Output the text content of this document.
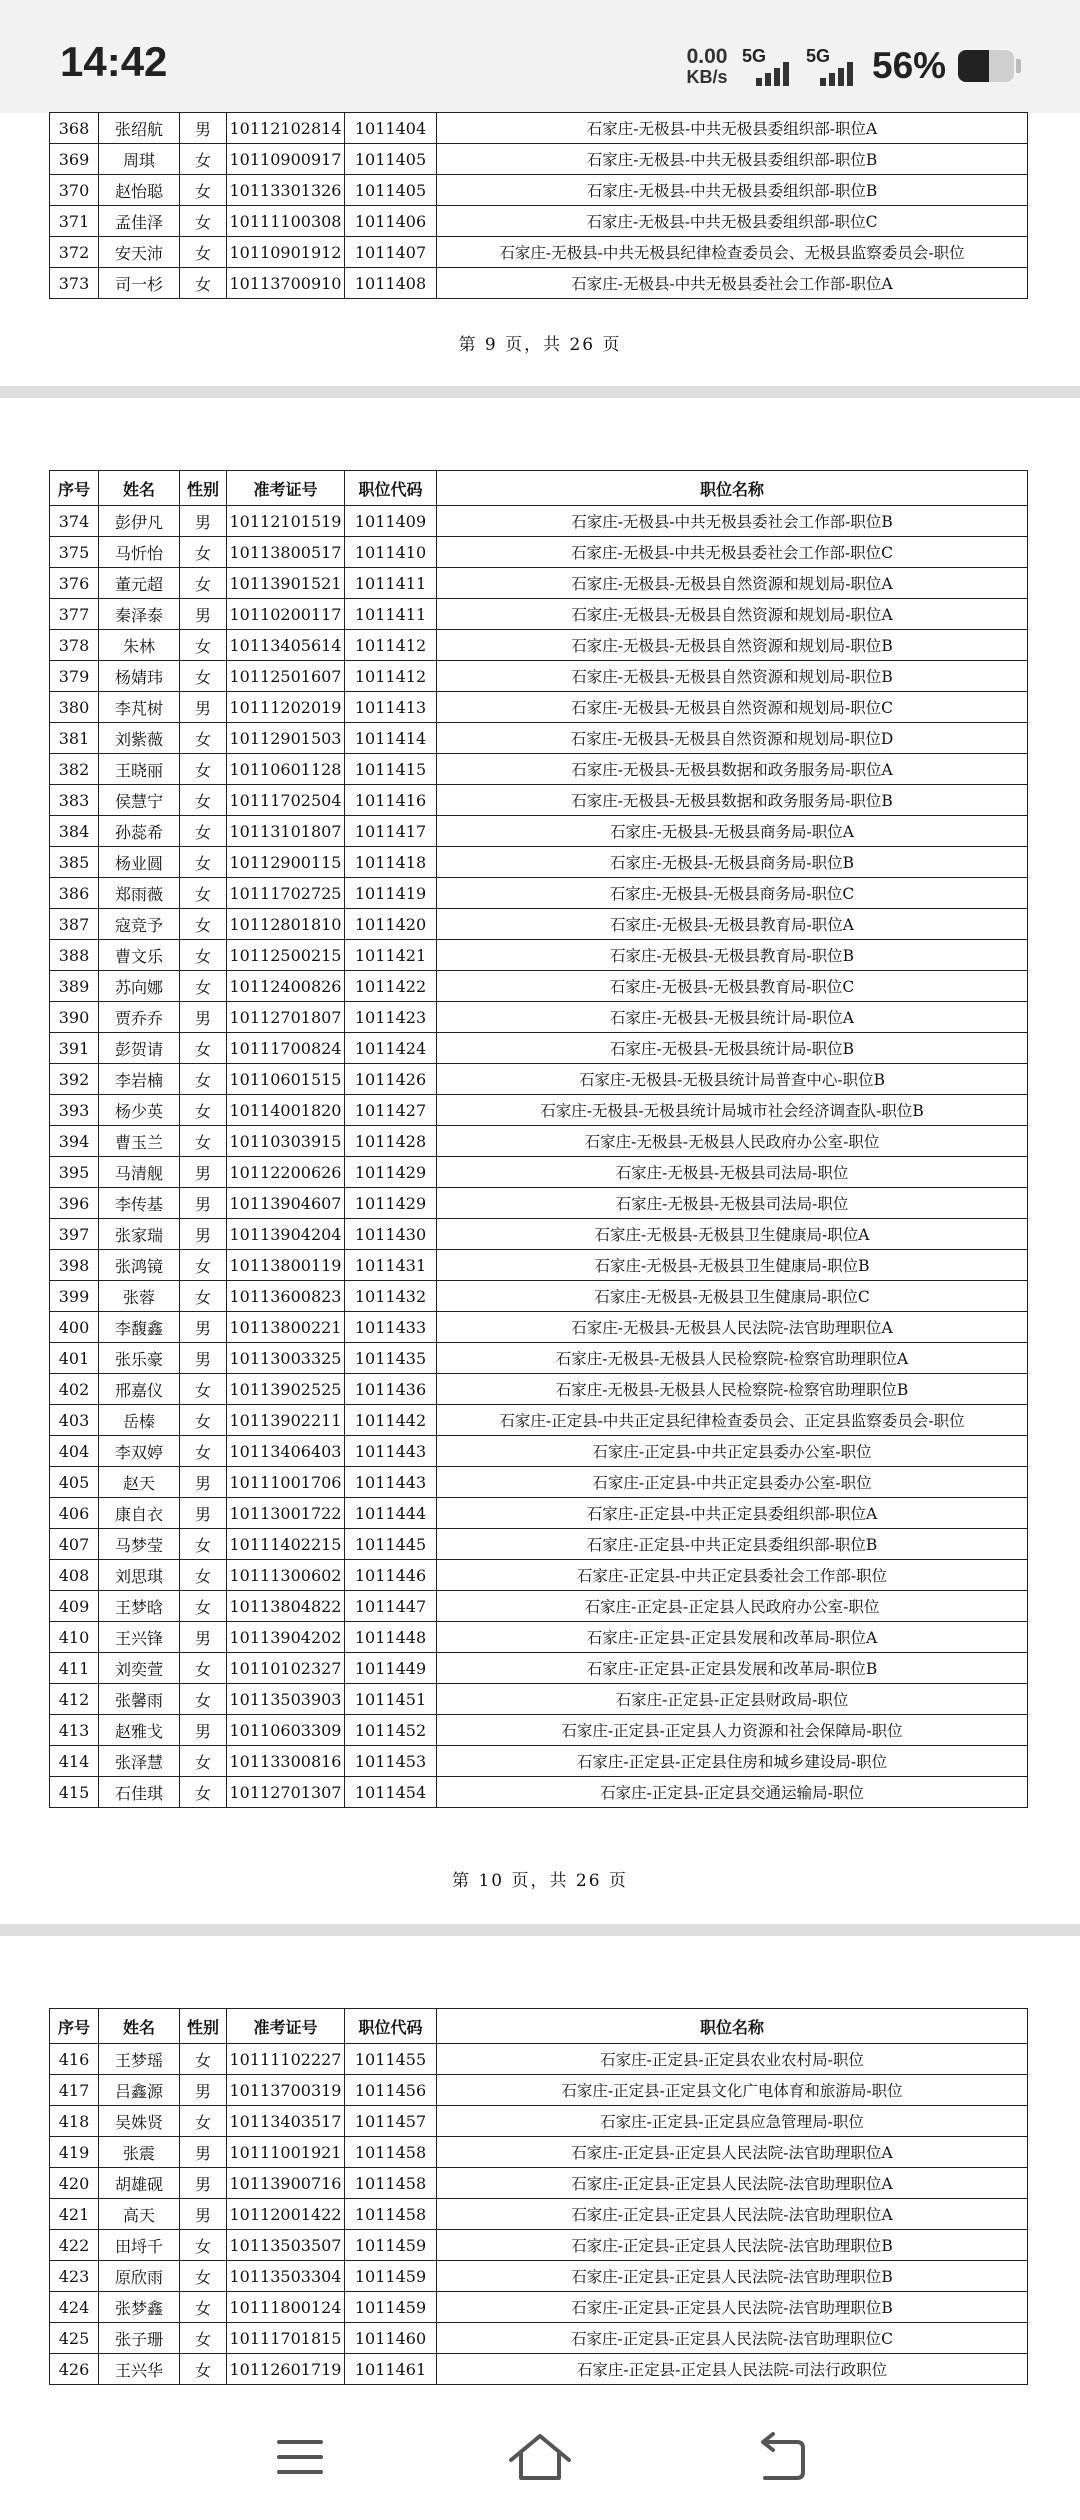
14:42	0.00
KB/s
5G 5G 56%
368	张绍航	男	10112102814	1011404	石家庄-无极县-中共无极县委组织部-职位A
369	周琪	女	10110900917	1011405	石家庄-无极县-中共无极县委组织部-职位B
370	赵怡聪	女	10113301326	1011405	石家庄-无极县-中共无极县委组织部-职位B
371	孟佳泽	女	10111100308	1011406	石家庄-无极县-中共无极县委组织部-职位C
372	安天沛	女	10110901912	1011407	石家庄-无极县-中共无极县纪律检查委员会、无极县监察委员会-职位
373	司一杉	女	10113700910	1011408	石家庄-无极县-中共无极县委社会工作部-职位A
第 9 页，共 26 页
序号	姓名	性别	准考证号	职位代码	职位名称
374	彭伊凡	男	10112101519	1011409	石家庄-无极县-中共无极县委社会工作部-职位B
375	马忻怡	女	10113800517	1011410	石家庄-无极县-中共无极县委社会工作部-职位C
376	董元超	女	10113901521	1011411	石家庄-无极县-无极县自然资源和规划局-职位A
377	秦泽泰	男	10110200117	1011411	石家庄-无极县-无极县自然资源和规划局-职位A
378	朱林	女	10113405614	1011412	石家庄-无极县-无极县自然资源和规划局-职位B
379	杨婧玮	女	10112501607	1011412	石家庄-无极县-无极县自然资源和规划局-职位B
380	李芃树	男	10111202019	1011413	石家庄-无极县-无极县自然资源和规划局-职位C
381	刘紫薇	女	10112901503	1011414	石家庄-无极县-无极县自然资源和规划局-职位D
382	王晓丽	女	10110601128	1011415	石家庄-无极县-无极县数据和政务服务局-职位A
383	侯慧宁	女	10111702504	1011416	石家庄-无极县-无极县数据和政务服务局-职位B
384	孙蕊希	女	10113101807	1011417	石家庄-无极县-无极县商务局-职位A
385	杨业圆	女	10112900115	1011418	石家庄-无极县-无极县商务局-职位B
386	郑雨薇	女	10111702725	1011419	石家庄-无极县-无极县商务局-职位C
387	寇竞予	女	10112801810	1011420	石家庄-无极县-无极县教育局-职位A
388	曹文乐	女	10112500215	1011421	石家庄-无极县-无极县教育局-职位B
389	苏向娜	女	10112400826	1011422	石家庄-无极县-无极县教育局-职位C
390	贾乔乔	男	10112701807	1011423	石家庄-无极县-无极县统计局-职位A
391	彭贺请	女	10111700824	1011424	石家庄-无极县-无极县统计局-职位B
392	李岩楠	女	10110601515	1011426	石家庄-无极县-无极县统计局普查中心-职位B
393	杨少英	女	10114001820	1011427	石家庄-无极县-无极县统计局城市社会经济调查队-职位B
394	曹玉兰	女	10110303915	1011428	石家庄-无极县-无极县人民政府办公室-职位
395	马清舰	男	10112200626	1011429	石家庄-无极县-无极县司法局-职位
396	李传基	男	10113904607	1011429	石家庄-无极县-无极县司法局-职位
397	张家瑞	男	10113904204	1011430	石家庄-无极县-无极县卫生健康局-职位A
398	张鸿镜	女	10113800119	1011431	石家庄-无极县-无极县卫生健康局-职位B
399	张蓉	女	10113600823	1011432	石家庄-无极县-无极县卫生健康局-职位C
400	李馥鑫	男	10113800221	1011433	石家庄-无极县-无极县人民法院-法官助理职位A
401	张乐豪	男	10113003325	1011435	石家庄-无极县-无极县人民检察院-检察官助理职位A
402	邢嘉仪	女	10113902525	1011436	石家庄-无极县-无极县人民检察院-检察官助理职位B
403	岳榛	女	10113902211	1011442	石家庄-正定县-中共正定县纪律检查委员会、正定县监察委员会-职位
404	李双婷	女	10113406403	1011443	石家庄-正定县-中共正定县委办公室-职位
405	赵天	男	10111001706	1011443	石家庄-正定县-中共正定县委办公室-职位
406	康自衣	男	10113001722	1011444	石家庄-正定县-中共正定县委组织部-职位A
407	马梦莹	女	10111402215	1011445	石家庄-正定县-中共正定县委组织部-职位B
408	刘思琪	女	10111300602	1011446	石家庄-正定县-中共正定县委社会工作部-职位
409	王梦晗	女	10113804822	1011447	石家庄-正定县-正定县人民政府办公室-职位
410	王兴锋	男	10113904202	1011448	石家庄-正定县-正定县发展和改革局-职位A
411	刘奕萱	女	10110102327	1011449	石家庄-正定县-正定县发展和改革局-职位B
412	张馨雨	女	10113503903	1011451	石家庄-正定县-正定县财政局-职位
413	赵雅戈	男	10110603309	1011452	石家庄-正定县-正定县人力资源和社会保障局-职位
414	张泽慧	女	10113300816	1011453	石家庄-正定县-正定县住房和城乡建设局-职位
415	石佳琪	女	10112701307	1011454	石家庄-正定县-正定县交通运输局-职位
第 10 页，共 26 页
序号	姓名	性别	准考证号	职位代码	职位名称
416	王梦瑶	女	10111102227	1011455	石家庄-正定县-正定县农业农村局-职位
417	吕鑫源	男	10113700319	1011456	石家庄-正定县-正定县文化广电体育和旅游局-职位
418	吴姝贤	女	10113403517	1011457	石家庄-正定县-正定县应急管理局-职位
419	张震	男	10111001921	1011458	石家庄-正定县-正定县人民法院-法官助理职位A
420	胡雄砚	男	10113900716	1011458	石家庄-正定县-正定县人民法院-法官助理职位A
421	高天	男	10112001422	1011458	石家庄-正定县-正定县人民法院-法官助理职位A
422	田埒千	女	10113503507	1011459	石家庄-正定县-正定县人民法院-法官助理职位B
423	原欣雨	女	10113503304	1011459	石家庄-正定县-正定县人民法院-法官助理职位B
424	张梦鑫	女	10111800124	1011459	石家庄-正定县-正定县人民法院-法官助理职位B
425	张子珊	女	10111701815	1011460	石家庄-正定县-正定县人民法院-法官助理职位C
426	王兴华	女	10112601719	1011461	石家庄-正定县-正定县人民法院-司法行政职位
